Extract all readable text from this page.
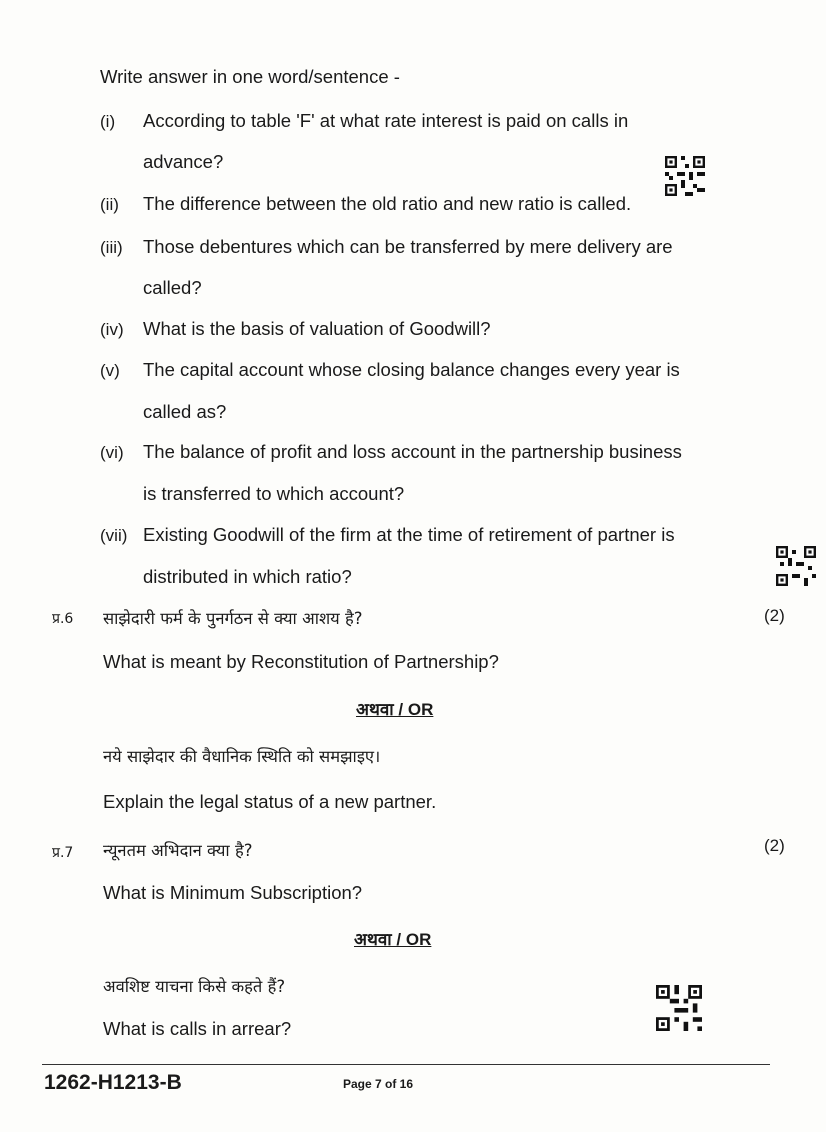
Write answer in one word/sentence -
(i) According to table 'F' at what rate interest is paid on calls in
advance?
(ii) The difference between the old ratio and new ratio is called.
(iii) Those debentures which can be transferred by mere delivery are
called?
(iv) What is the basis of valuation of Goodwill?
(v) The capital account whose closing balance changes every year is
called as?
(vi) The balance of profit and loss account in the partnership business
is transferred to which account?
(vii) Existing Goodwill of the firm at the time of retirement of partner is
distributed in which ratio?
प्र.6 साझेदारी फर्म के पुनर्गठन से क्या आशय है?	(2)
What is meant by Reconstitution of Partnership?
अथवा / OR
नये साझेदार की वैधानिक स्थिति को समझाइए।
Explain the legal status of a new partner.
प्र.7 न्यूनतम अभिदान क्या है?	(2)
What is Minimum Subscription?
अथवा / OR
अवशिष्ट याचना किसे कहते हैं?
What is calls in arrear?
1262-H1213-B	Page 7 of 16
